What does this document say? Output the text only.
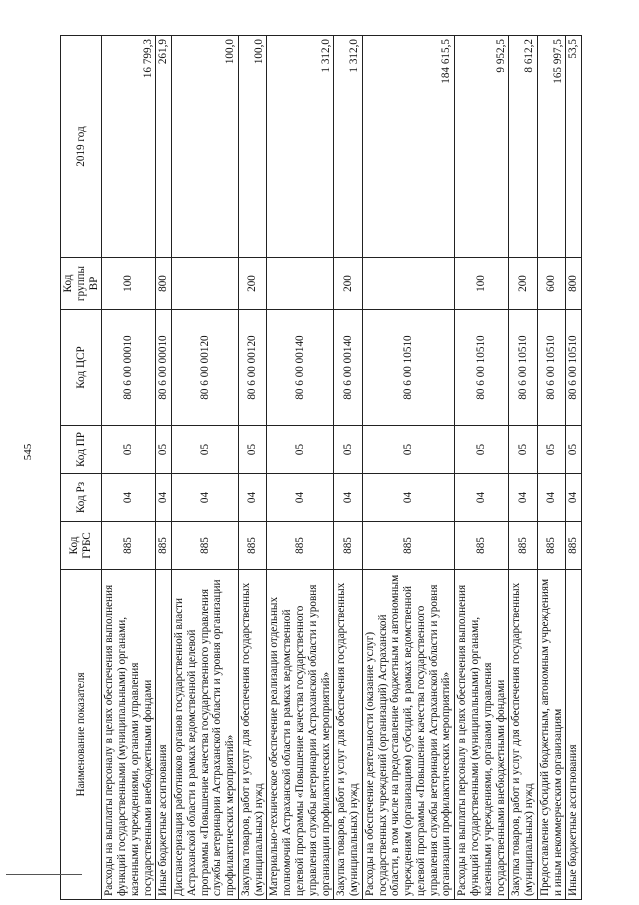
545
Наименование показателя	Код ГРБС	Код Рз	Код ПР	Код ЦСР	Код группы ВР	2019 год
Расходы на выплаты персоналу в целях обеспечения выполнения функций государственными (муниципальными) органами, казенными учреждениями, органами управления государственными внебюджетными фондами	885	04	05	80 6 00 00010	100	16 799,3
Иные бюджетные ассигнования	885	04	05	80 6 00 00010	800	261,9
Диспансеризация работников органов государственной власти Астраханской области в рамках ведомственной целевой программы «Повышение качества государственного управления службы ветеринарии Астраханской области и уровня организации профилактических мероприятий»	885	04	05	80 6 00 00120		100,0
Закупка товаров, работ и услуг для обеспечения государственных (муниципальных) нужд	885	04	05	80 6 00 00120	200	100,0
Материально-техническое обеспечение реализации отдельных полномочий Астраханской области в рамках ведомственной целевой программы «Повышение качества государственного управления службы ветеринарии Астраханской области и уровня организации профилактических мероприятий»	885	04	05	80 6 00 00140		1 312,0
Закупка товаров, работ и услуг для обеспечения государственных (муниципальных) нужд	885	04	05	80 6 00 00140	200	1 312,0
Расходы на обеспечение деятельности (оказание услуг) государственных учреждений (организаций) Астраханской области, в том числе на предоставление бюджетным и автономным учреждениям (организациям) субсидий, в рамках ведомственной целевой программы «Повышение качества государственного управления службы ветеринарии Астраханской области и уровня организации профилактических мероприятий»	885	04	05	80 6 00 10510		184 615,5
Расходы на выплаты персоналу в целях обеспечения выполнения функций государственными (муниципальными) органами, казенными учреждениями, органами управления государственными внебюджетными фондами	885	04	05	80 6 00 10510	100	9 952,5
Закупка товаров, работ и услуг для обеспечения государственных (муниципальных) нужд	885	04	05	80 6 00 10510	200	8 612,2
Предоставление субсидий бюджетным, автономным учреждениям и иным некоммерческим организациям	885	04	05	80 6 00 10510	600	165 997,5
Иные бюджетные ассигнования	885	04	05	80 6 00 10510	800	53,5
